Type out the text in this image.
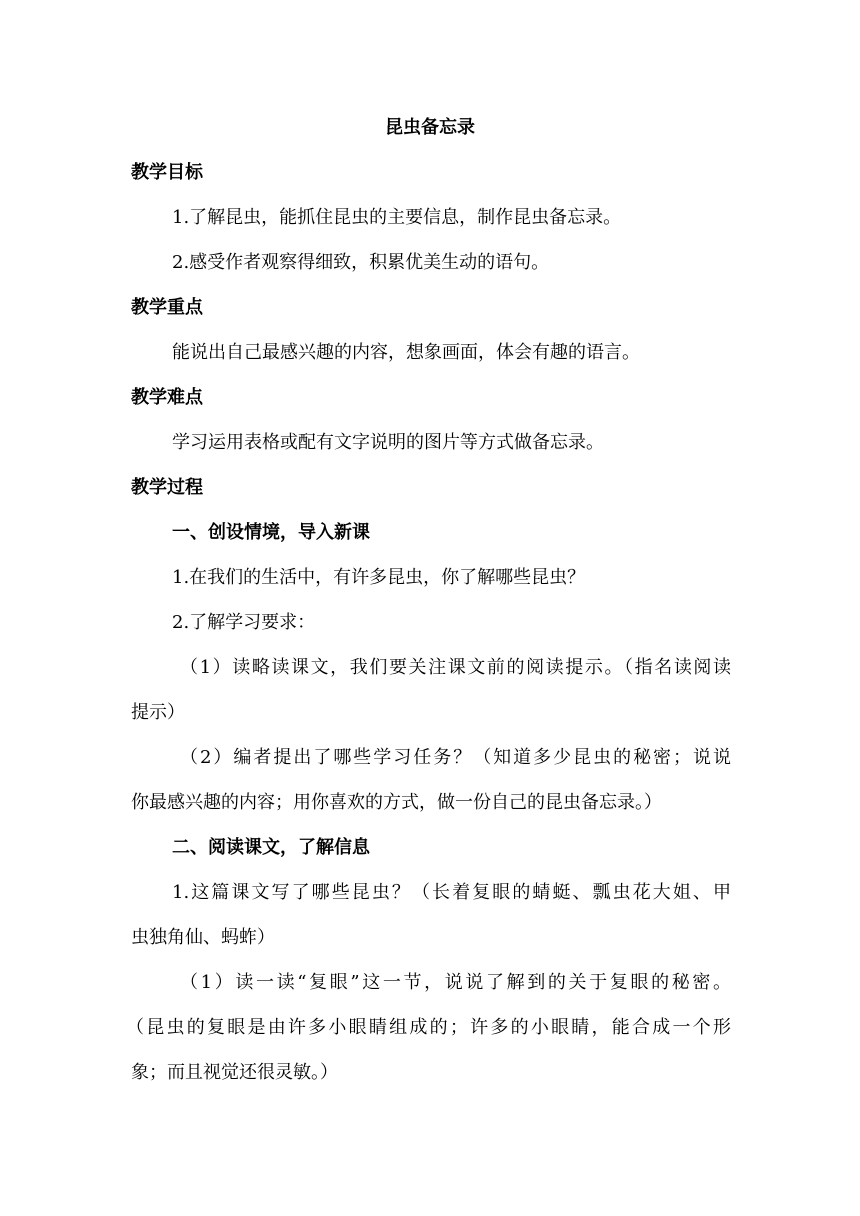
昆虫备忘录
教学目标
1.了解昆虫，能抓住昆虫的主要信息，制作昆虫备忘录。
2.感受作者观察得细致，积累优美生动的语句。
教学重点
能说出自己最感兴趣的内容，想象画面，体会有趣的语言。
教学难点
学习运用表格或配有文字说明的图片等方式做备忘录。
教学过程
一、创设情境，导入新课
1.在我们的生活中，有许多昆虫，你了解哪些昆虫？
2.了解学习要求：
（1）读略读课文，我们要关注课文前的阅读提示。（指名读阅读
提示）
（2）编者提出了哪些学习任务？（知道多少昆虫的秘密；说说
你最感兴趣的内容；用你喜欢的方式，做一份自己的昆虫备忘录。）
二、阅读课文，了解信息
1.这篇课文写了哪些昆虫？（长着复眼的蜻蜓、瓢虫花大姐、甲
虫独角仙、蚂蚱）
（1）读一读“复眼”这一节，说说了解到的关于复眼的秘密。
（昆虫的复眼是由许多小眼睛组成的；许多的小眼睛，能合成一个形
象；而且视觉还很灵敏。）
